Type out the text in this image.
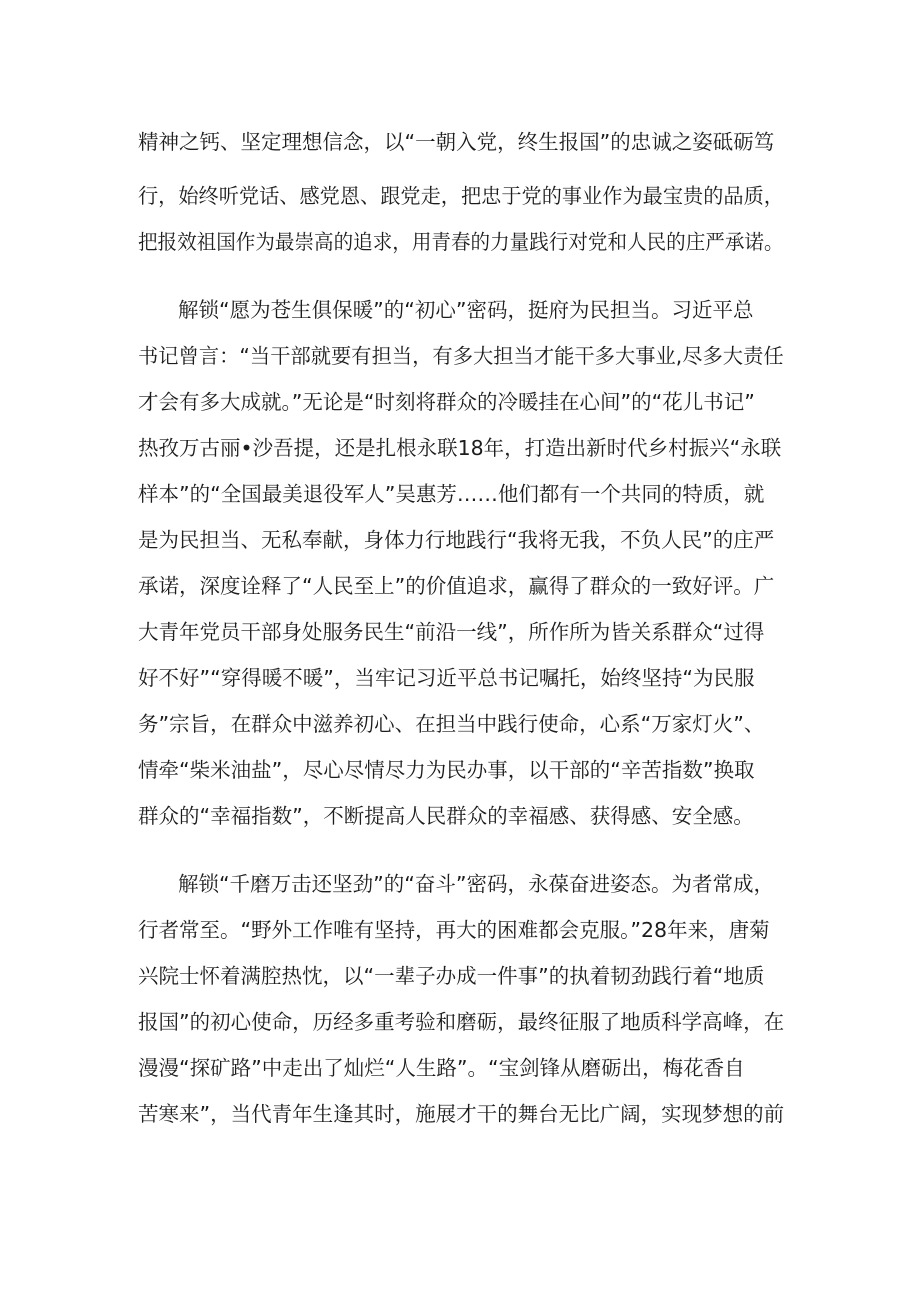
精神之钙、坚定理想信念，以“一朝入党，终生报国”的忠诚之姿砥砺笃
行，始终听党话、感党恩、跟党走，把忠于党的事业作为最宝贵的品质，
把报效祖国作为最崇高的追求，用青春的力量践行对党和人民的庄严承诺。
解锁“愿为苍生俱保暖”的“初心”密码，挺府为民担当。习近平总
书记曾言：“当干部就要有担当，有多大担当才能干多大事业,尽多大责任
才会有多大成就。”无论是“时刻将群众的冷暖挂在心间”的“花儿书记”
热孜万古丽•沙吾提，还是扎根永联18年，打造出新时代乡村振兴“永联
样本”的“全国最美退役军人”吴惠芳……他们都有一个共同的特质，就
是为民担当、无私奉献，身体力行地践行“我将无我，不负人民”的庄严
承诺，深度诠释了“人民至上”的价值追求，赢得了群众的一致好评。广
大青年党员干部身处服务民生“前沿一线”，所作所为皆关系群众“过得
好不好”“穿得暖不暖”，当牢记习近平总书记嘱托，始终坚持“为民服
务”宗旨，在群众中滋养初心、在担当中践行使命，心系“万家灯火”、
情牵“柴米油盐”，尽心尽情尽力为民办事，以干部的“辛苦指数”换取
群众的“幸福指数”，不断提高人民群众的幸福感、获得感、安全感。
解锁“千磨万击还坚劲”的“奋斗”密码，永葆奋进姿态。为者常成，
行者常至。“野外工作唯有坚持，再大的困难都会克服。”28年来，唐菊
兴院士怀着满腔热忱，以“一辈子办成一件事”的执着韧劲践行着“地质
报国”的初心使命，历经多重考验和磨砺，最终征服了地质科学高峰，在
漫漫“探矿路”中走出了灿烂“人生路”。“宝剑锋从磨砺出，梅花香自
苦寒来”，当代青年生逢其时，施展才干的舞台无比广阔，实现梦想的前
